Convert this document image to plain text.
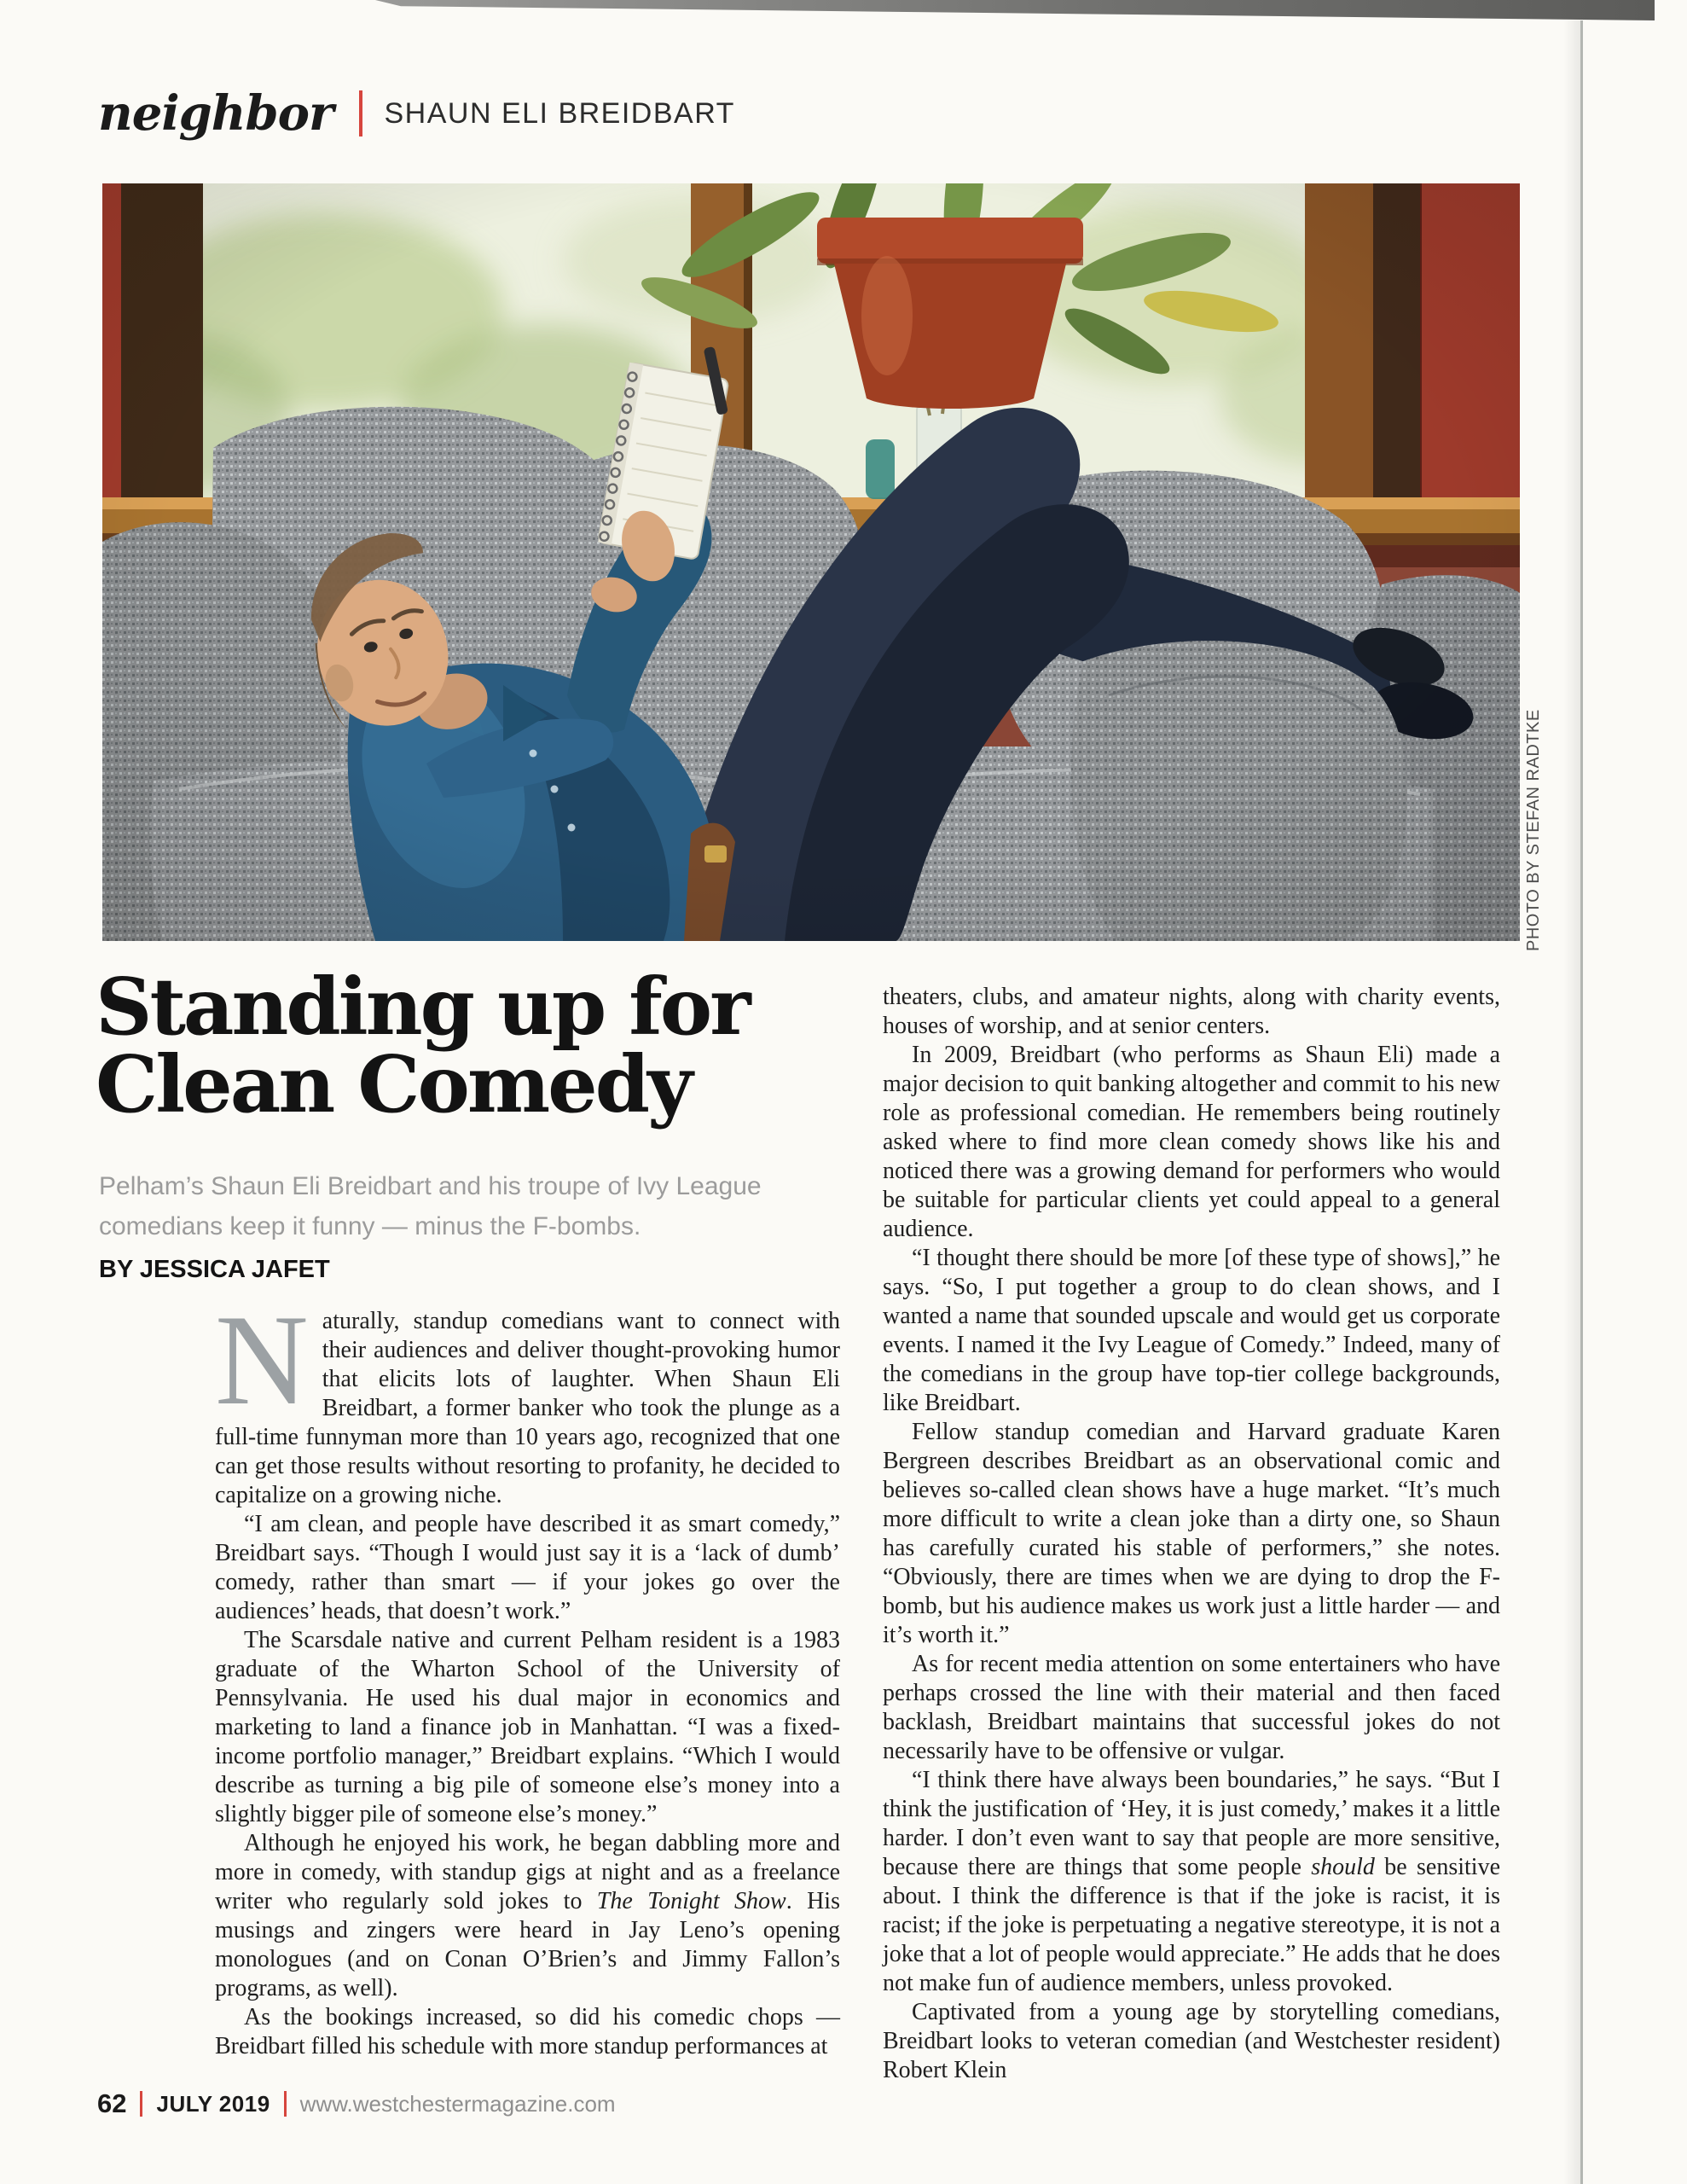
neighbor SHAUN ELI BREIDBART
PHOTO BY STEFAN RADTKE
Standing up for
Clean Comedy
Pelham’s Shaun Eli Breidbart and his troupe of Ivy League comedians keep it funny — minus the F-bombs.
BY JESSICA JAFET

Naturally, standup comedians want to connect with their audiences and deliver thought-provoking humor that elicits lots of laughter. When Shaun Eli Breidbart, a former banker who took the plunge as a full-time funnyman more than 10 years ago, recognized that one can get those results without resorting to profanity, he decided to capitalize on a growing niche.

“I am clean, and people have described it as smart comedy,” Breidbart says. “Though I would just say it is a ‘lack of dumb’ comedy, rather than smart — if your jokes go over the audiences’ heads, that doesn’t work.”

The Scarsdale native and current Pelham resident is a 1983 graduate of the Wharton School of the University of Pennsylvania. He used his dual major in economics and marketing to land a finance job in Manhattan. “I was a fixed-income portfolio manager,” Breidbart explains. “Which I would describe as turning a big pile of someone else’s money into a slightly bigger pile of someone else’s money.”

Although he enjoyed his work, he began dabbling more and more in comedy, with standup gigs at night and as a freelance writer who regularly sold jokes to The Tonight Show. His musings and zingers were heard in Jay Leno’s opening monologues (and on Conan O’Brien’s and Jimmy Fallon’s programs, as well).

As the bookings increased, so did his comedic chops — Breidbart filled his schedule with more standup performances at

theaters, clubs, and amateur nights, along with charity events, houses of worship, and at senior centers.

In 2009, Breidbart (who performs as Shaun Eli) made a major decision to quit banking altogether and commit to his new role as professional comedian. He remembers being routinely asked where to find more clean comedy shows like his and noticed there was a growing demand for performers who would be suitable for particular clients yet could appeal to a general audience.

“I thought there should be more [of these type of shows],” he says. “So, I put together a group to do clean shows, and I wanted a name that sounded upscale and would get us corporate events. I named it the Ivy League of Comedy.” Indeed, many of the comedians in the group have top-tier college backgrounds, like Breidbart.

Fellow standup comedian and Harvard graduate Karen Bergreen describes Breidbart as an observational comic and believes so-called clean shows have a huge market. “It’s much more difficult to write a clean joke than a dirty one, so Shaun has carefully curated his stable of performers,” she notes. “Obviously, there are times when we are dying to drop the F-bomb, but his audience makes us work just a little harder — and it’s worth it.”

As for recent media attention on some entertainers who have perhaps crossed the line with their material and then faced backlash, Breidbart maintains that successful jokes do not necessarily have to be offensive or vulgar.

“I think there have always been boundaries,” he says. “But I think the justification of ‘Hey, it is just comedy,’ makes it a little harder. I don’t even want to say that people are more sensitive, because there are things that some people should be sensitive about. I think the difference is that if the joke is racist, it is racist; if the joke is perpetuating a negative stereotype, it is not a joke that a lot of people would appreciate.” He adds that he does not make fun of audience members, unless provoked.

Captivated from a young age by storytelling comedians, Breidbart looks to veteran comedian (and Westchester resident) Robert Klein

62 JULY 2019 www.westchestermagazine.com
